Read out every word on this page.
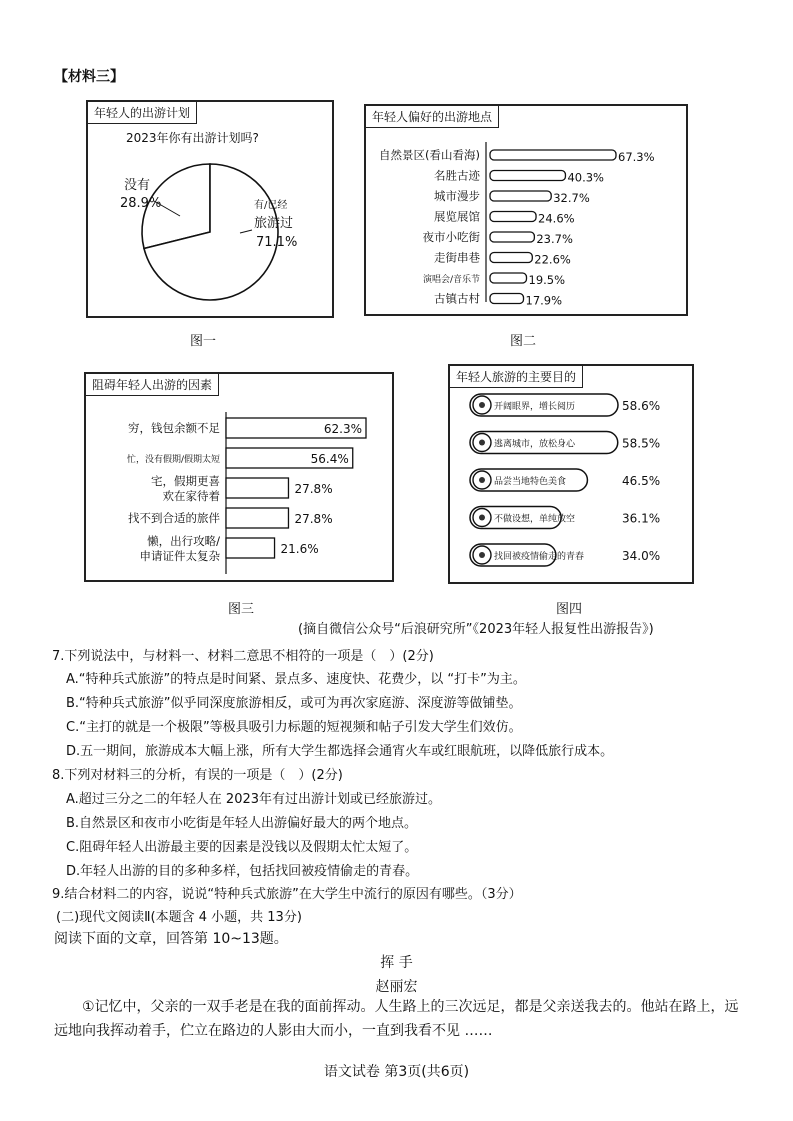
【材料三】
年轻人的出游计划
2023年你有出游计划吗?
没有
28.9%	有/已经
旅游过
71.1%
图一
年轻人偏好的出游地点
自然景区(看山看海)	67.3%
名胜古迹	40.3%
城市漫步	32.7%
展览展馆	24.6%
夜市小吃街	23.7%
走街串巷	22.6%
演唱会/音乐节	19.5%
古镇古村	17.9%
图二
阻碍年轻人出游的因素
穷，钱包余额不足	62.3%
忙，没有假期/假期太短	56.4%
宅，假期更喜
欢在家待着	27.8%
找不到合适的旅伴	27.8%
懒，出行攻略/
申请证件太复杂	21.6%
图三
年轻人旅游的主要目的
开阔眼界，增长阅历	58.6%
逃离城市，放松身心	58.5%
品尝当地特色美食	46.5%
不做设想，单纯放空	36.1%
找回被疫情偷走的青春	34.0%
图四
(摘自微信公众号“后浪研究所”《2023年轻人报复性出游报告》)
7.下列说法中，与材料一、材料二意思不相符的一项是（　）(2分)
A.“特种兵式旅游”的特点是时间紧、景点多、速度快、花费少，以 “打卡”为主。
B.“特种兵式旅游”似乎同深度旅游相反，或可为再次家庭游、深度游等做铺垫。
C.“主打的就是一个极限”等极具吸引力标题的短视频和帖子引发大学生们效仿。
D.五一期间，旅游成本大幅上涨，所有大学生都选择会通宵火车或红眼航班，以降低旅行成本。
8.下列对材料三的分析，有误的一项是（　）(2分)
A.超过三分之二的年轻人在 2023年有过出游计划或已经旅游过。
B.自然景区和夜市小吃街是年轻人出游偏好最大的两个地点。
C.阻碍年轻人出游最主要的因素是没钱以及假期太忙太短了。
D.年轻人出游的目的多种多样，包括找回被疫情偷走的青春。
9.结合材料二的内容，说说“特种兵式旅游”在大学生中流行的原因有哪些。（3分）
(二)现代文阅读Ⅱ(本题含 4 小题，共 13分)
阅读下面的文章，回答第 10~13题。
挥 手
赵丽宏
①记忆中，父亲的一双手老是在我的面前挥动。人生路上的三次远足，都是父亲送我去的。他站在路上，远远地向我挥动着手，伫立在路边的人影由大而小，一直到我看不见 ……
语文试卷 第3页(共6页)
